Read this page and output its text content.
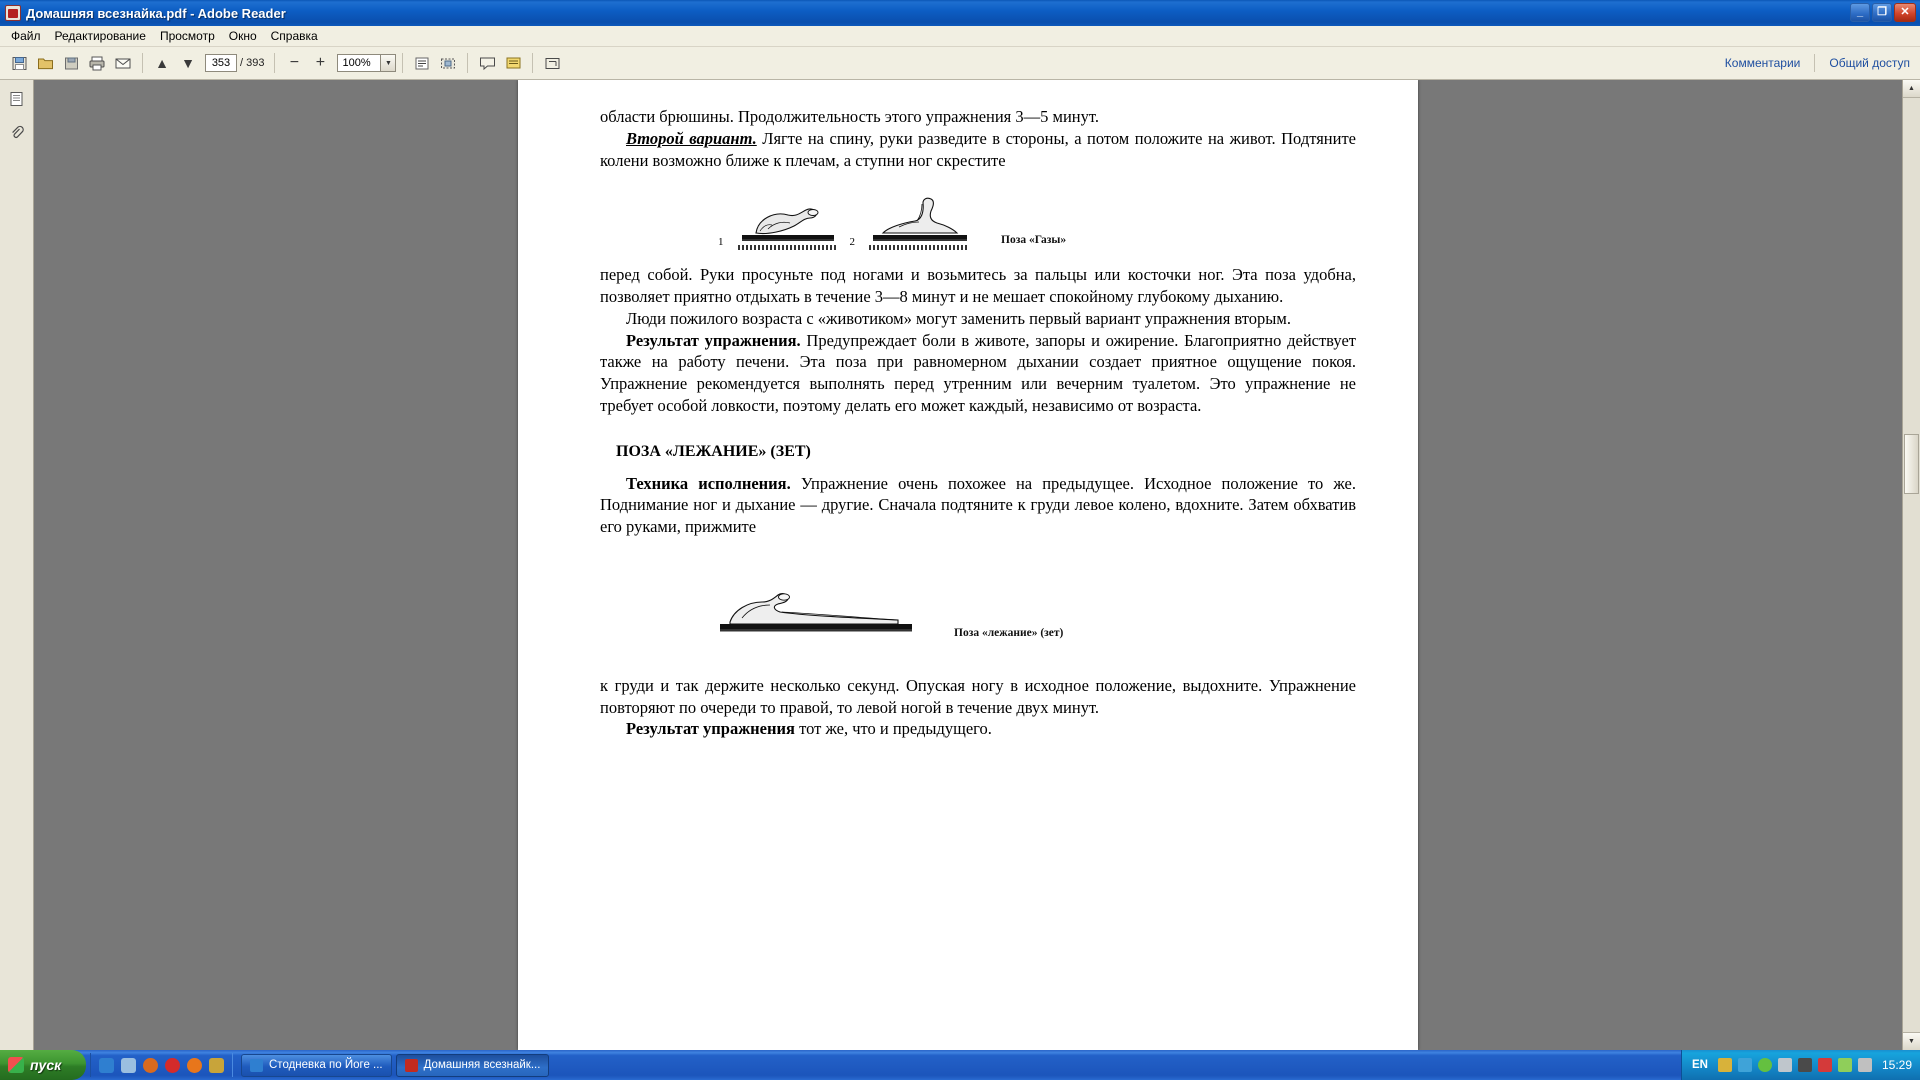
Домашняя всезнайка.pdf - Adobe Reader	_	❐	✕
Файл	Редактирование	Просмотр	Окно	Справка
▲ ▼	353 / 393 − +	100%	▼	Комментарии Общий доступ

области брюшины. Продолжительность этого упражнения 3—5 минут.

Второй вариант. Лягте на спину, руки разведите в стороны, а потом положите на живот. Подтяните колени возможно ближе к плечам, а ступни ног скрестите

1	2	Поза «Газы»

перед собой. Руки просуньте под ногами и возьмитесь за пальцы или косточки ног. Эта поза удобна, позволяет приятно отдыхать в течение 3—8 минут и не мешает спокойному глубокому дыханию.

Люди пожилого возраста с «животиком» могут заменить первый вариант упражнения вторым.

Результат упражнения. Предупреждает боли в животе, запоры и ожирение. Благоприятно действует также на работу печени. Эта поза при равномерном дыхании создает приятное ощущение покоя. Упражнение рекомендуется выполнять перед утренним или вечерним туалетом. Это упражнение не требует особой ловкости, поэтому делать его может каждый, независимо от возраста.

ПОЗА «ЛЕЖАНИЕ» (ЗЕТ)

Техника исполнения. Упражнение очень похожее на предыдущее. Исходное положение то же. Поднимание ног и дыхание — другие. Сначала подтяните к груди левое колено, вдохните. Затем обхватив его руками, прижмите

Поза «лежание» (зет)

к груди и так держите несколько секунд. Опуская ногу в исходное положение, выдохните. Упражнение повторяют по очереди то правой, то левой ногой в течение двух минут.

Результат упражнения тот же, что и предыдущего.

▲
▼
пуск	Стодневка по Йоге ...	Домашняя всезнайк...	EN	15:29
